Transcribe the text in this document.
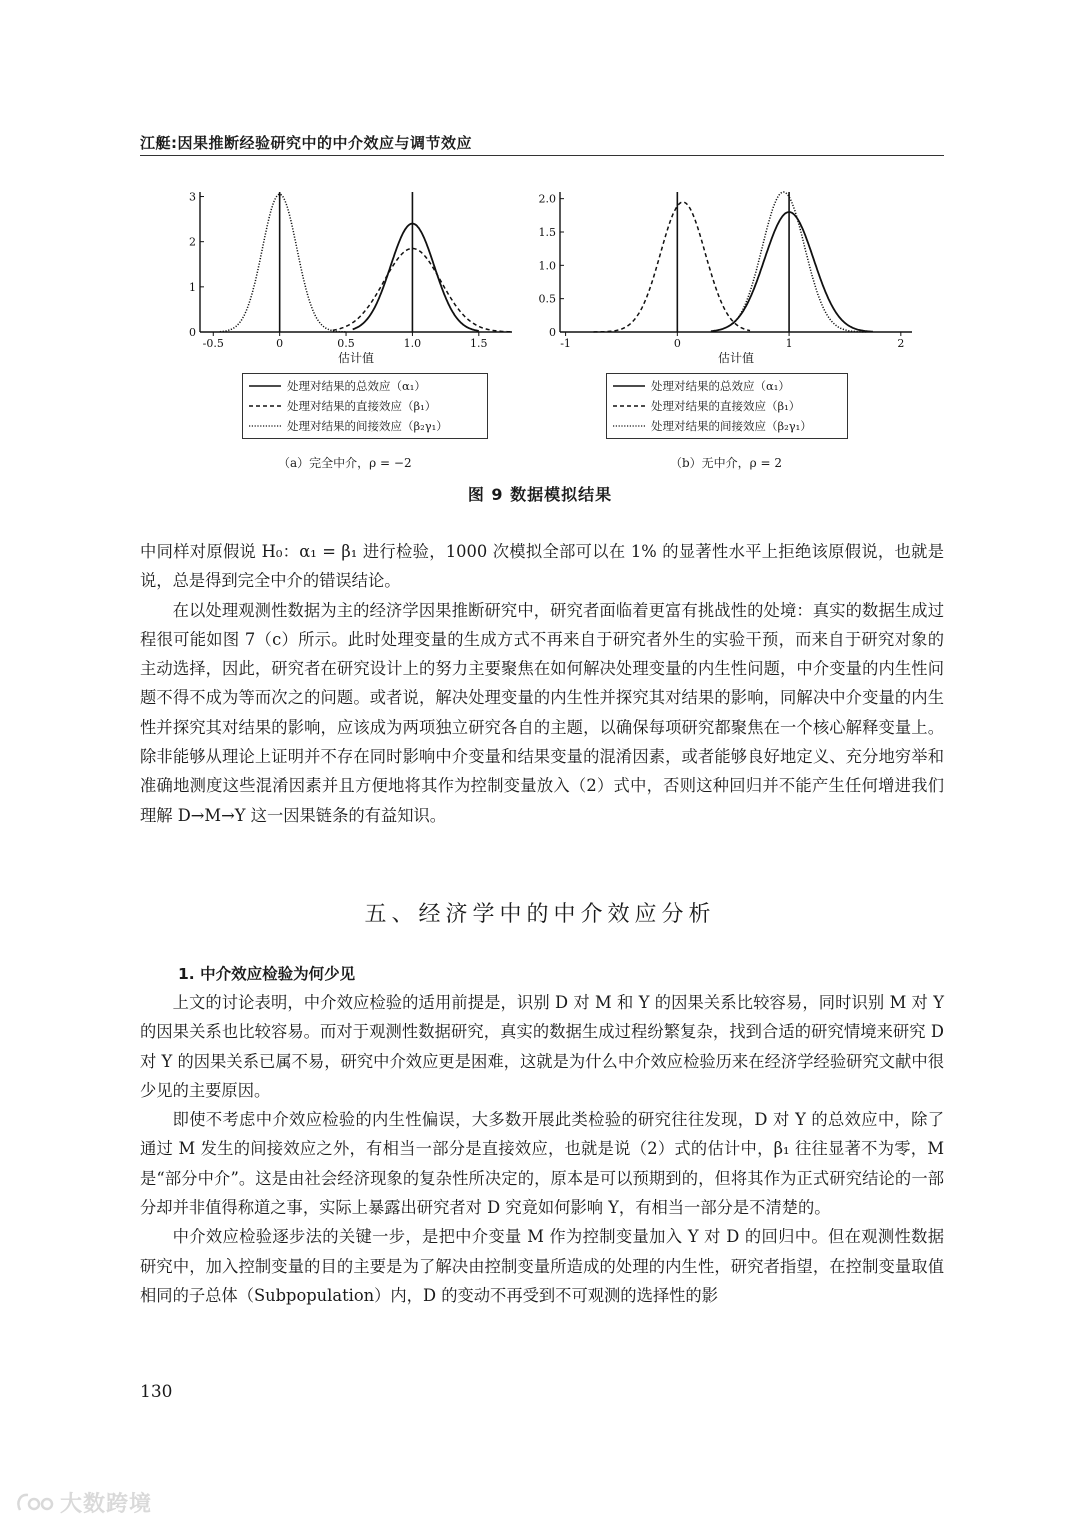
江艇:因果推断经验研究中的中介效应与调节效应
-0.5	0	0.5	1.0	1.5
0
1
2
3
估计值
处理对结果的总效应（α₁）
处理对结果的直接效应（β₁）
处理对结果的间接效应（β₂γ₁）
（a）完全中介，ρ = −2
-1	0	1	2
0
0.5
1.0
1.5
2.0
估计值
处理对结果的总效应（α₁）
处理对结果的直接效应（β₁）
处理对结果的间接效应（β₂γ₁）
（b）无中介，ρ = 2
图 9 数据模拟结果

中同样对原假说 H₀：α₁ = β₁ 进行检验，1000 次模拟全部可以在 1% 的显著性水平上拒绝该原假说，也就是说，总是得到完全中介的错误结论。

在以处理观测性数据为主的经济学因果推断研究中，研究者面临着更富有挑战性的处境：真实的数据生成过程很可能如图 7（c）所示。此时处理变量的生成方式不再来自于研究者外生的实验干预，而来自于研究对象的主动选择，因此，研究者在研究设计上的努力主要聚焦在如何解决处理变量的内生性问题，中介变量的内生性问题不得不成为等而次之的问题。或者说，解决处理变量的内生性并探究其对结果的影响，同解决中介变量的内生性并探究其对结果的影响，应该成为两项独立研究各自的主题，以确保每项研究都聚焦在一个核心解释变量上。除非能够从理论上证明并不存在同时影响中介变量和结果变量的混淆因素，或者能够良好地定义、充分地穷举和准确地测度这些混淆因素并且方便地将其作为控制变量放入（2）式中，否则这种回归并不能产生任何增进我们理解 D→M→Y 这一因果链条的有益知识。

五、经济学中的中介效应分析
1. 中介效应检验为何少见

上文的讨论表明，中介效应检验的适用前提是，识别 D 对 M 和 Y 的因果关系比较容易，同时识别 M 对 Y 的因果关系也比较容易。而对于观测性数据研究，真实的数据生成过程纷繁复杂，找到合适的研究情境来研究 D 对 Y 的因果关系已属不易，研究中介效应更是困难，这就是为什么中介效应检验历来在经济学经验研究文献中很少见的主要原因。

即使不考虑中介效应检验的内生性偏误，大多数开展此类检验的研究往往发现，D 对 Y 的总效应中，除了通过 M 发生的间接效应之外，有相当一部分是直接效应，也就是说（2）式的估计中，β₁ 往往显著不为零，M 是“部分中介”。这是由社会经济现象的复杂性所决定的，原本是可以预期到的，但将其作为正式研究结论的一部分却并非值得称道之事，实际上暴露出研究者对 D 究竟如何影响 Y，有相当一部分是不清楚的。

中介效应检验逐步法的关键一步，是把中介变量 M 作为控制变量加入 Y 对 D 的回归中。但在观测性数据研究中，加入控制变量的目的主要是为了解决由控制变量所造成的处理的内生性，研究者指望，在控制变量取值相同的子总体（Subpopulation）内，D 的变动不再受到不可观测的选择性的影

130
大数跨境
